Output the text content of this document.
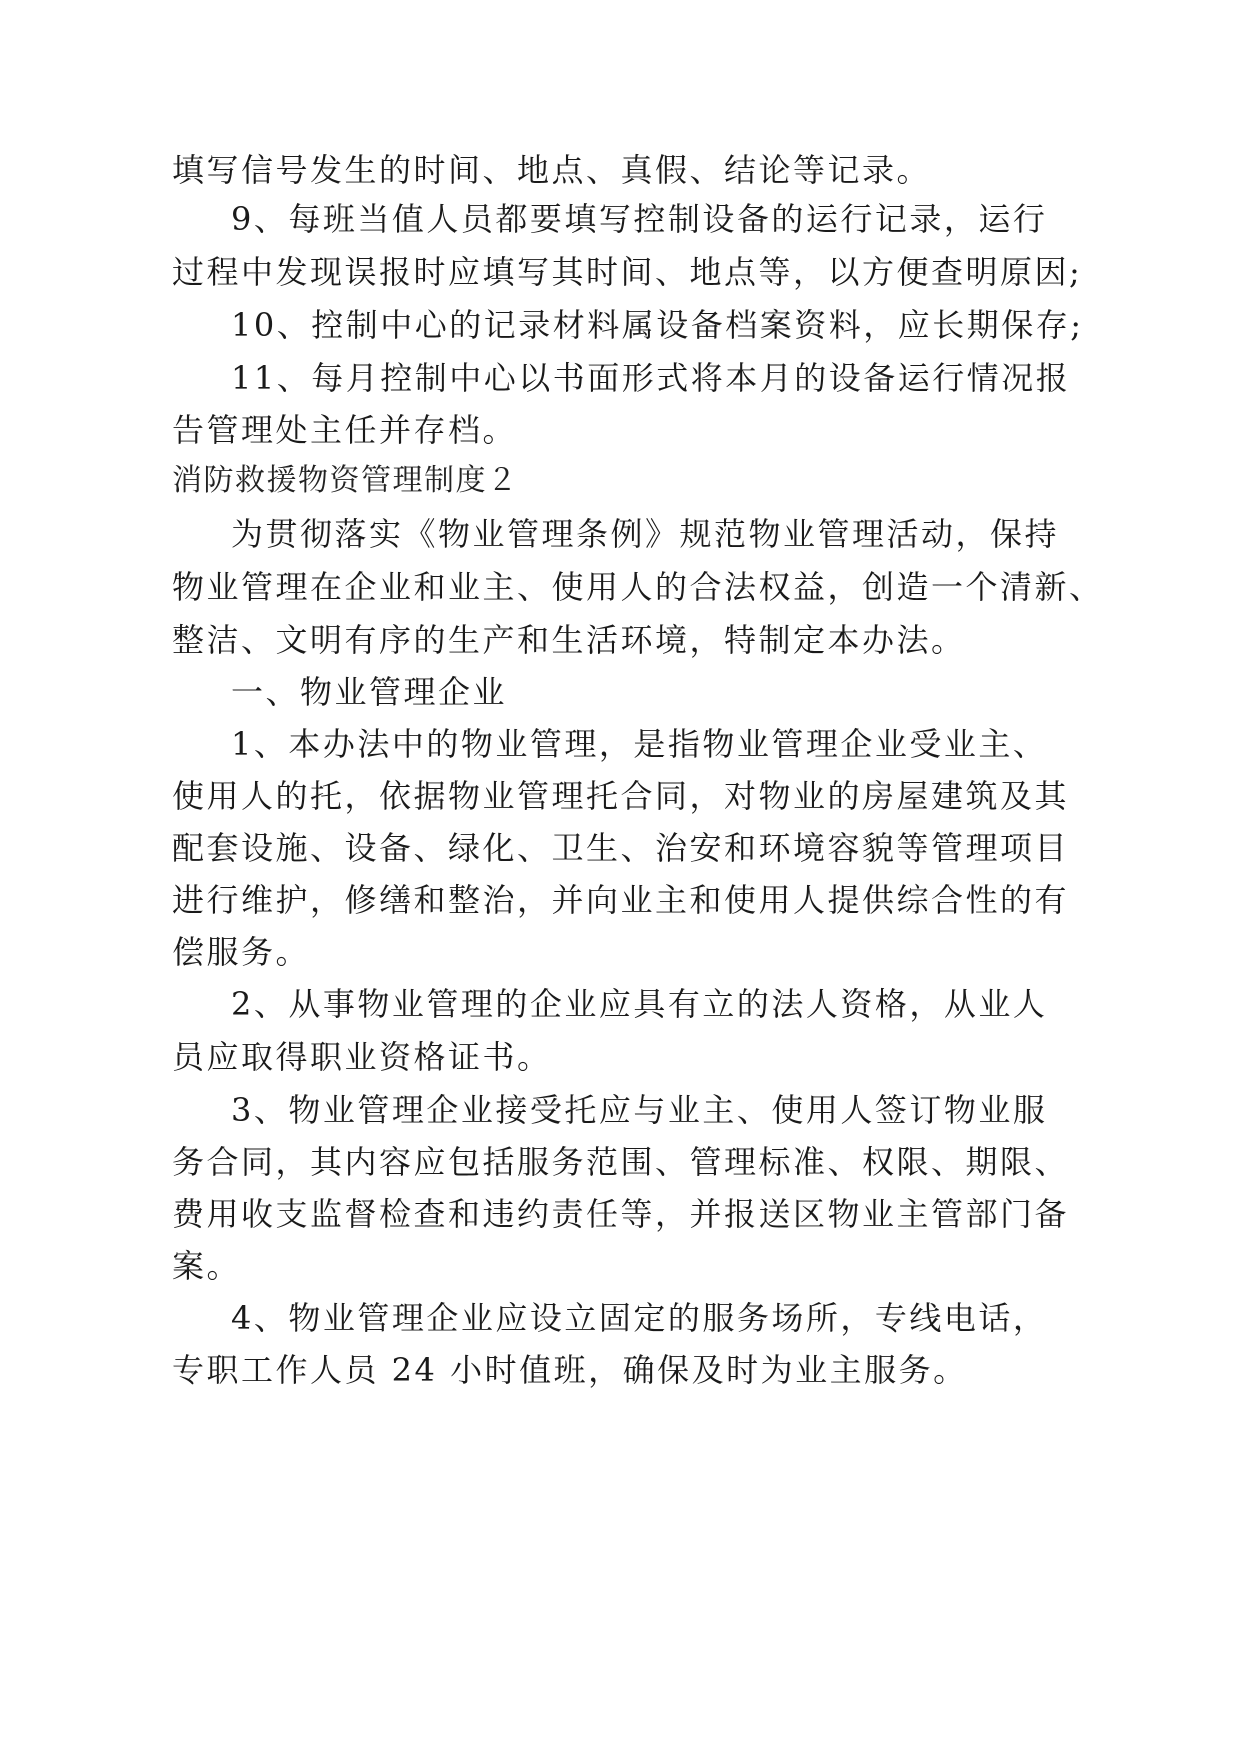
填写信号发生的时间、地点、真假、结论等记录。

9、每班当值人员都要填写控制设备的运行记录，运行

过程中发现误报时应填写其时间、地点等，以方便查明原因;

10、控制中心的记录材料属设备档案资料，应长期保存;

11、每月控制中心以书面形式将本月的设备运行情况报

告管理处主任并存档。

消防救援物资管理制度２

为贯彻落实《物业管理条例》规范物业管理活动，保持

物业管理在企业和业主、使用人的合法权益，创造一个清新、

整洁、文明有序的生产和生活环境，特制定本办法。

一、物业管理企业

1、本办法中的物业管理，是指物业管理企业受业主、

使用人的托，依据物业管理托合同，对物业的房屋建筑及其

配套设施、设备、绿化、卫生、治安和环境容貌等管理项目

进行维护，修缮和整治，并向业主和使用人提供综合性的有

偿服务。

2、从事物业管理的企业应具有立的法人资格，从业人

员应取得职业资格证书。

3、物业管理企业接受托应与业主、使用人签订物业服

务合同，其内容应包括服务范围、管理标准、权限、期限、

费用收支监督检查和违约责任等，并报送区物业主管部门备

案。

4、物业管理企业应设立固定的服务场所，专线电话，

专职工作人员 24 小时值班，确保及时为业主服务。
